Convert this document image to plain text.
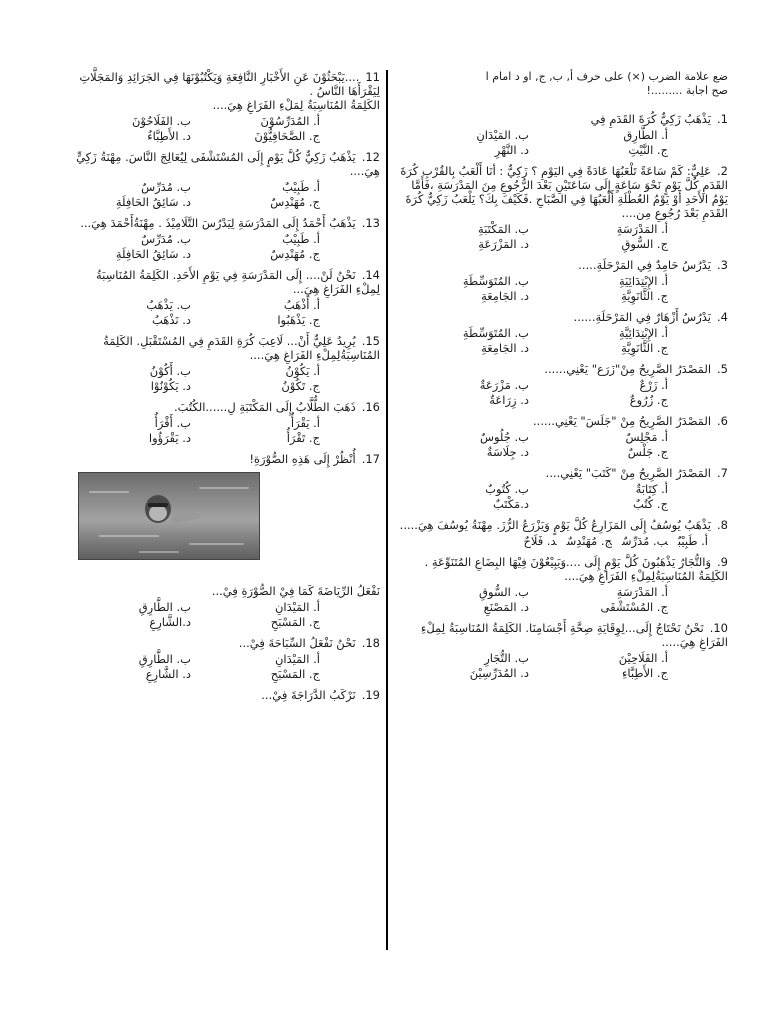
ضع علامة الضرب (×) على حرف أ, ب, ج, او د امام ا
صح اجابة .........!
1.يَذْهَبُ زَكِيٌّ كُرَةَ القَدَمِ فِي
أ. الطَّارِق
ب. المَيْدَانِ
ج. النَّيْتِ
د. النَّهْرِ
2.عَلِيٌّ: كَمْ سَاعَةً تَلْعَبُهَا عَادَةً فِي اليَوْمِ ؟ زَكِيٌّ : أنَا أَلْعَبُ بِالقُرْبِ كُرَةَ القَدَمِ كُلَّ يَوْمٍ نَحْوَ سَاعَةٍ إِلَى سَاعَتَيْنِ بَعْدَ الرُّجُوعِ مِنَ المَدْرَسَةِ ،فَأَمَّا يَوْمُ الأَحَدِ أَوْ يَوْمُ العُطْلَةِ أَلْعَبُهَا فِي الصَّبَاحِ .فَكَيْفَ بِكَ؟ يَلْعَبُ زَكِيٌّ كُرَةَ القَدَمِ بَعْدَ رُجُوعِ مِن....
أ. المَدْرَسَةِ
ب. المَكْتَبَةِ
ج. السُّوقِ
د. المَزْرَعَةِ
3.يَدْرُسُ حَامِدٌ فِي المَرْحَلَةِ.....
أ. الإِبْتِدَائِيَةِ
ب. المُتَوَسِّطَةِ
ج. الثَّانَوِيَّةِ
د. الجَامِعَةِ
4.يَدْرُسُ أَزْهَارٌ فِي المَرْحَلَةِ......
أ. الإِبْتِدَائِيَّةِ
ب. المُتَوَسِّطَةِ
ج. الثَّانَوِيَّةِ
د. الجَامِعَةِ
5.المَصْدَرُ الصَّرِيحُ مِنْ"زَرَع" يَعْنِي......
أ. زَرْعٌ
ب. مَزْرَعَةٌ
ج. زُرُوعٌ
د. زِرَاعَةٌ
6.المَصْدَرُ الصَّرِيحُ مِنْ "جَلَسَ" يَعْنِي......
أ. مَجْلِسٌ
ب. جُلُوسٌ
ج. جَلْسٌ
د. جِلَاسَةٌ
7.المَصْدَرُ الصَّرِيحُ مِنْ "كَتَبَ" يَعْنِي....
أ. كِتَابَةٌ
ب. كُتُوبٌ
ج. كُتُبٌ
د.مَكْتَبٌ
8.يَذْهَبُ يُوسُفُ إِلَى المَزَارِعُ كُلَّ يَوْمٍ وَيَزْرَعُ الرُّزَ. مِهْنَةُ يُوسُفَ هِيَ.....
أ. طَبِيْبٌب. مُدَرِّسٌج. مُهَنْدِسٌد. فَلَاحٌ
9.وَالتُّجَارُ يَذْهَبُونَ كُلَّ يَوْمٍ إِلَى ....وَيَبِيْعُوْنَ فِيْهَا البِضَاعِ المُتَنَوِّعَةِ . الكَلِمَةُ المُنَاسِبَةُلِمِلْءِ الفَرَاغِ هِيَ....
أ. المَدْرَسَةِ
ب. السُّوقِ
ج. المُسْتَشْفَى
د. المَصْنَعِ
10.نَحْنُ نَحْتَاجُ إِلَى...لِوِقَايَةِ صِحَّةِ أَجْسَامِنَا. الكَلِمَةُ المُنَاسِبَةُ لِمِلْءِ الفَرَاغِ هِيَ.....
أ. الفَلَاحِيْنَ
ب. التُّجَارِ
ج. الأَطِبَّاءِ
د. المُدَرِّسِيْنَ
11....يَبْحَثُوْنَ عَنِ الأَخْبَارِ النَّافِعَةِ وَيَكْتُبُوْنَهَا فِي الجَرَائِدِ وَالمَجَلَّاتِ لِيَقْرَأَهَا النَّاسُ .
الكَلِمَةُ المُنَاسِبَةُ لِمَلْءِ الفَرَاغِ هِيَ....
أ. المُدَرِّسُوْنَ
ب. الفَلَاحُوْنَ
ج. الصَّحَافِيُّوْنَ
د. الأَطِبَّاءُ
12.يَذْهَبُ زَكِيٌّ كُلَّ يَوْمٍ إِلَى المُسْتَشْفَى لِيُعَالِجَ النَّاسَ. مِهْنَةُ زَكِيٍّ هِيَ....
أ. طَبِيْبٌ
ب. مُدَرِّسٌ
ج. مُهَنْدِسٌ
د. سَائِقُ الحَافِلَةِ
13.يَذْهَبُ أَحْمَدُ إِلَى المَدْرَسَةِ لِيَدْرُسَ التَّلَامِيْذَ . مِهْنَةُأَحْمَدَ هِيَ...
أ. طَبِيْبٌ
ب. مُدَرِّسٌ
ج. مُهَنْدِسٌ
د. سَائِقُ الحَافِلَةِ
14.نَحْنُ لَنْ.... إِلَى المَدْرَسَةِ فِي يَوْمِ الأَحَدِ. الكَلِمَةُ المُنَاسِبَةُ لِمِلْءِ الفَرَاغِ هِيَ...
أ. أَذْهَبُ
ب. يَذْهَبُ
ج. يَذْهَبُوا
د. نَذْهَبُ
15.يُرِيدُ عَلِيٌّ أَنْ... لَاعِبَ كُرَةِ القَدَمِ فِي المُسْتَقْبَلِ. الكَلِمَةُ المُنَاسِبَةُلِمِلْءِ الفَرَاغِ هِيَ....
أ. يَكُوْنُ
ب. أَكُوْنُ
ج. تَكُوْنُ
د. يَكُوْنُوْا
16.ذَهَبَ الطُّلَّابُ إِلَى المَكْتَبَةِ لِ......الكُتُبَ.
أ. يَقْرَأُ
ب. أَقْرَأُ
ج. تَقْرَأُ
د. يَقْرَؤُوا
17.أُنْظُرْ إِلَى هَذِهِ الصُّوْرَةِ!
نَفْعَلُ الرِّيَاضَةَ كَمَا فِيْ الصُّوْرَةِ فِيْ...
أ. المَيْدَانِ
ب. الطَّارِقِ
ج. المَسْبَحِ
د.الشَّارِعِ
18.نَحْنُ نَفْعَلُ السِّبَاحَةَ فِيْ...
أ. المَيْدَانِ
ب. الطَّارِقِ
ج. المَسْبَحِ
د. الشَّارِعِ
19.نَرْكَبُ الدَّرَاجَةَ فِيْ...
